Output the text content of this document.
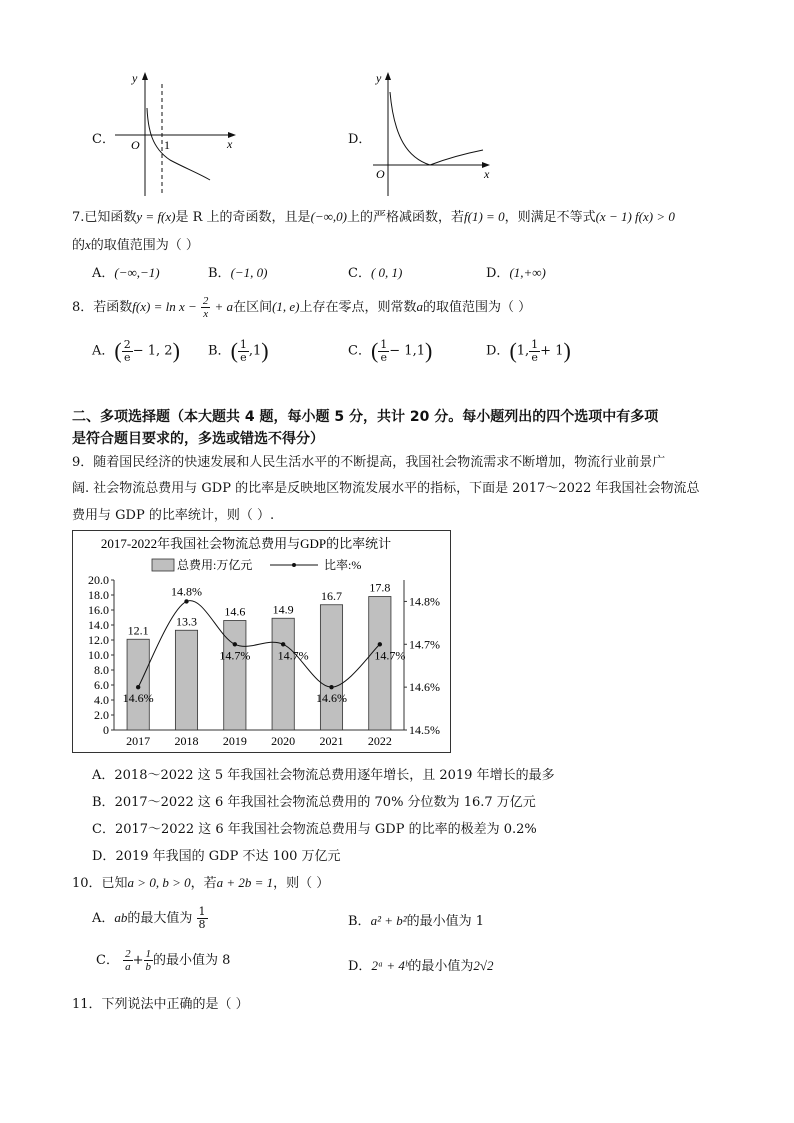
C．
y
x
O 1	D．
y
x
O
7.已知函数y = f(x)是 R 上的奇函数，且是(−∞,0)上的严格减函数，若f(1) = 0，则满足不等式(x − 1) f(x) > 0
的x的取值范围为（ ）
A．(−∞,−1)	B．(−1, 0)	C．( 0, 1)	D．(1,+∞)
8．若函数$f(x) = \ln x - \frac{2}{x} + a$在区间(1, e)上存在零点，则常数a的取值范围为（ ）
A．( $\frac{2}{e} - 1$, 2) B．( $\frac{1}{e} ,1$)	C．( $\frac{1}{e} - 1,1$)	D．(1, $\frac{1}{e} + 1$)
二、多项选择题（本大题共 4 题，每小题 5 分，共计 20 分。每小题列出的四个选项中有多项
是符合题目要求的，多选或错选不得分）
9．随着国民经济的快速发展和人民生活水平的不断提高，我国社会物流需求不断增加，物流行业前景广
阔. 社会物流总费用与 GDP 的比率是反映地区物流发展水平的指标，下面是 2017～2022 年我国社会物流总
费用与 GDP 的比率统计，则（ ）.
2017-2022年我国社会物流总费用与GDP的比率统计
总费用:万亿元	比率:%
0
2.0
4.0
6.0
8.0
10.0
12.0
14.0
16.0
18.0
20.0
14.5%
14.6%
14.7%
14.8%
12.1
13.3
14.6 14.9
16.7
17.8
2017 2018 2019 2020 2021 2022
14.6%
14.8%
14.7% 14.7%
14.6%
14.7%
A．2018～2022 这 5 年我国社会物流总费用逐年增长，且 2019 年增长的最多
B．2017～2022 这 6 年我国社会物流总费用的 70% 分位数为 16.7 万亿元
C．2017～2022 这 6 年我国社会物流总费用与 GDP 的比率的极差为 0.2%
D．2019 年我国的 GDP 不达 100 万亿元
10．已知a > 0, b > 0，若a + 2b = 1，则（ ）
A．ab的最大值为 $\frac{1}{8}$	B．a² + b²的最小值为 1
C． $\frac{2}{a} + \frac{1}{b}$ 的最小值为 8	D．2ᵃ + 4ᵇ的最小值为2√2
11．下列说法中正确的是（ ）
